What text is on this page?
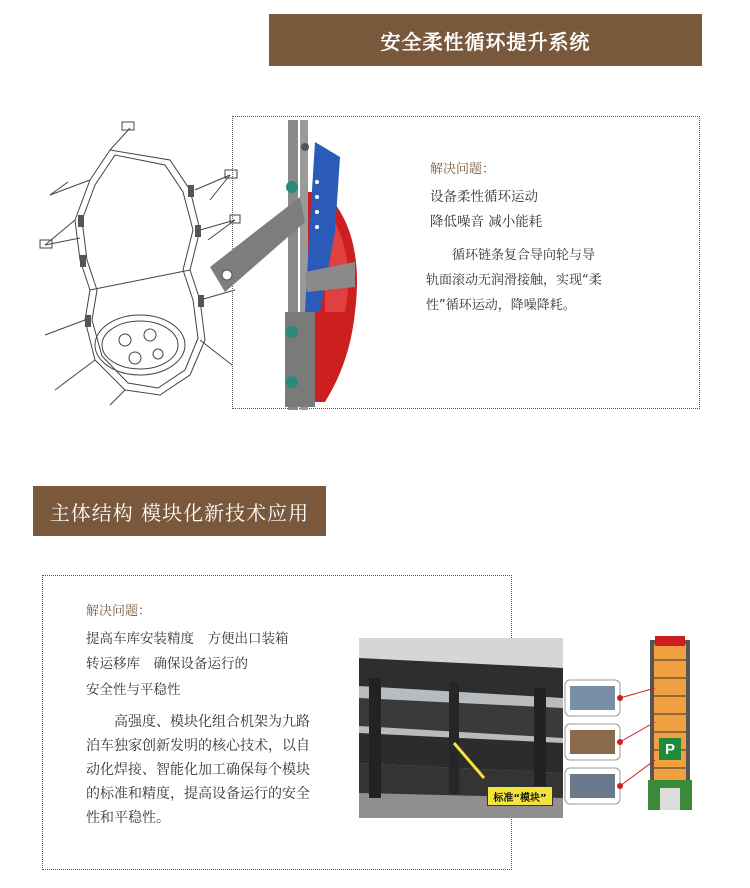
安全柔性循环提升系统
解决问题：
设备柔性循环运动
降低噪音 减小能耗
　　循环链条复合导向轮与导轨面滚动无润滑接触，实现“柔性”循环运动，降噪降耗。
主体结构 模块化新技术应用
解决问题：
提高车库安装精度　方便出口装箱
转运移库　确保设备运行的
安全性与平稳性
　　高强度、模块化组合机架为九路泊车独家创新发明的核心技术，以自动化焊接、智能化加工确保每个模块的标准和精度，提高设备运行的安全性和平稳性。
标准“模块”
P
